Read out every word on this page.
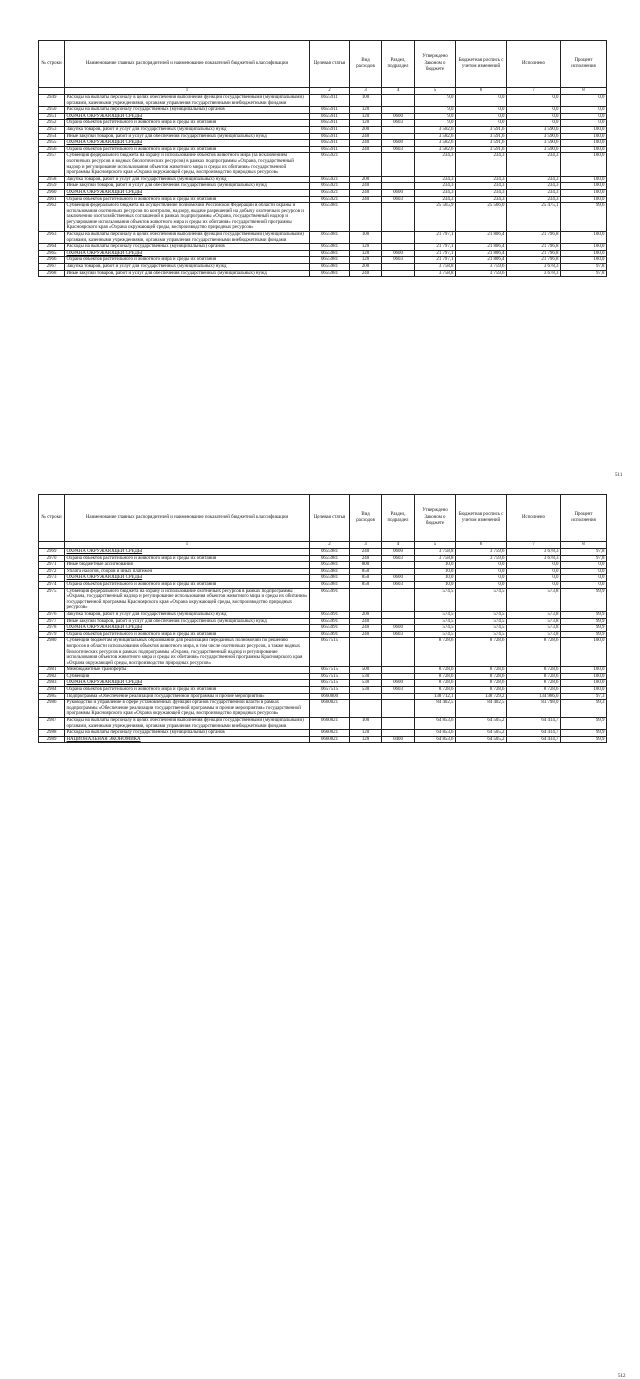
№ строки	Наименование главных распорядителей и наименование показателей бюджетной классификации	Целевая статья	Вид расходов	Раздел, подраздел	Утверждено Законом о бюджете	Бюджетная роспись с учетом изменений	Исполнено	Процент исполнения
	1	2	3	4	5	6	7	8
2949	Расходы на выплаты персоналу в целях обеспечения выполнения функций государственными (муниципальными) органами, казенными учреждениями, органами управления государственными внебюджетными фондами	0655911	100		9,0	0,0	0,0	0,0
2950	Расходы на выплаты персоналу государственных (муниципальных) органов	0655911	120		9,0	0,0	0,0	0,0
2951	ОХРАНА ОКРУЖАЮЩЕЙ СРЕДЫ	0655911	120	0600	9,0	0,0	0,0	0,0
2952	Охрана объектов растительного и животного мира и среды их обитания	0655911	120	0603	9,0	0,0	0,0	0,0
2953	Закупка товаров, работ и услуг для государственных (муниципальных) нужд	0655911	200		3 582,6	3 591,6	3 590,6	100,0
2954	Иные закупки товаров, работ и услуг для обеспечения государственных (муниципальных) нужд	0655911	240		3 582,6	3 591,6	3 590,6	100,0
2955	ОХРАНА ОКРУЖАЮЩЕЙ СРЕДЫ	0655911	240	0600	3 582,6	3 591,6	3 590,6	100,0
2956	Охрана объектов растительного и животного мира и среды их обитания	0655911	240	0603	3 582,6	3 591,6	3 590,6	100,0
2957	Субвенция федерального бюджета на охрану и использование объектов животного мира (за исключением охотничьих ресурсов и водных биологических ресурсов) в рамках подпрограммы «Охрана, государственный надзор и регулирование использования объектов животного мира и среды их обитания» государственной программы Красноярского края «Охрана окружающей среды, воспроизводство природных ресурсов»	0655921			234,3	234,3	234,3	100,0
2958	Закупка товаров, работ и услуг для государственных (муниципальных) нужд	0655921	200		234,3	234,3	234,3	100,0
2959	Иные закупки товаров, работ и услуг для обеспечения государственных (муниципальных) нужд	0655921	240		234,3	234,3	234,3	100,0
2960	ОХРАНА ОКРУЖАЮЩЕЙ СРЕДЫ	0655921	240	0600	234,3	234,3	234,3	100,0
2961	Охрана объектов растительного и животного мира и среды их обитания	0655921	240	0603	234,3	234,3	234,3	100,0
2962	Субвенция федерального бюджета на осуществление полномочий Российской Федерации в области охраны и использования охотничьих ресурсов по контролю, надзору, выдаче разрешений на добычу охотничьих ресурсов и заключению охотхозяйственных соглашений в рамках подпрограммы «Охрана, государственный надзор и регулирование использования объектов животного мира и среды их обитания» государственной программы Красноярского края «Охрана окружающей среды, воспроизводство природных ресурсов»	0655981			25 565,9	25 566,0	25 475,1	99,6
2963	Расходы на выплаты персоналу в целях обеспечения выполнения функций государственными (муниципальными) органами, казенными учреждениями, органами управления государственными внебюджетными фондами	0655981	100		21 797,1	21 806,4	21 796,8	100,0
2964	Расходы на выплаты персоналу государственных (муниципальных) органов	0655981	120		21 797,1	21 806,4	21 796,8	100,0
2965	ОХРАНА ОКРУЖАЮЩЕЙ СРЕДЫ	0655981	120	0600	21 797,1	21 806,4	21 796,8	100,0
2966	Охрана объектов растительного и животного мира и среды их обитания	0655981	120	0603	21 797,1	21 806,4	21 796,8	100,0
2967	Закупка товаров, работ и услуг для государственных (муниципальных) нужд	0655981	200		3 758,8	3 759,6	3 678,3	97,8
2968	Иные закупки товаров, работ и услуг для обеспечения государственных (муниципальных) нужд	0655981	240		3 758,8	3 759,6	3 678,3	97,8
511
№ строки	Наименование главных распорядителей и наименование показателей бюджетной классификации	Целевая статья	Вид расходов	Раздел, подраздел	Утверждено Законом о бюджете	Бюджетная роспись с учетом изменений	Исполнено	Процент исполнения
	1	2	3	4	5	6	7	8
2969	ОХРАНА ОКРУЖАЮЩЕЙ СРЕДЫ	0655981	240	0600	3 758,8	3 759,6	3 678,3	97,8
2970	Охрана объектов растительного и животного мира и среды их обитания	0655981	240	0603	3 758,8	3 759,6	3 678,3	97,8
2971	Иные бюджетные ассигнования	0655981	800		10,0	0,0	0,0	0,0
2972	Уплата налогов, сборов и иных платежей	0655981	850		10,0	0,0	0,0	0,0
2973	ОХРАНА ОКРУЖАЮЩЕЙ СРЕДЫ	0655981	850	0600	10,0	0,0	0,0	0,0
2974	Охрана объектов растительного и животного мира и среды их обитания	0655981	850	0603	10,0	0,0	0,0	0,0
2975	Субвенция федерального бюджета на охрану и использование охотничьих ресурсов в рамках подпрограммы «Охрана, государственный надзор и регулирование использования объектов животного мира и среды их обитания» государственной программы Красноярского края «Охрана окружающей среды, воспроизводство природных ресурсов»	0655991			574,5	574,5	573,8	99,9
2976	Закупка товаров, работ и услуг для государственных (муниципальных) нужд	0655991	200		574,5	574,5	573,8	99,9
2977	Иные закупки товаров, работ и услуг для обеспечения государственных (муниципальных) нужд	0655991	240		574,5	574,5	573,8	99,9
2978	ОХРАНА ОКРУЖАЮЩЕЙ СРЕДЫ	0655991	240	0600	574,5	574,5	573,8	99,9
2979	Охрана объектов растительного и животного мира и среды их обитания	0655991	240	0603	574,5	574,5	573,8	99,9
2980	Субвенции бюджетам муниципальных образований для реализации переданных полномочий по решению вопросов в области использования объектов животного мира, в том числе охотничьих ресурсов, а также водных биологических ресурсов в рамках подпрограммы «Охрана, государственный надзор и регулирование использования объектов животного мира и среды их обитания» государственной программы Красноярского края «Охрана окружающей среды, воспроизводство природных ресурсов»	0657515			8 728,6	8 728,6	8 728,6	100,0
2981	Межбюджетные трансферты	0657515	500		8 728,6	8 728,6	8 728,6	100,0
2982	Субвенции	0657515	530		8 728,6	8 728,6	8 728,6	100,0
2983	ОХРАНА ОКРУЖАЮЩЕЙ СРЕДЫ	0657515	530	0600	8 728,6	8 728,6	8 728,6	100,0
2984	Охрана объектов растительного и животного мира и среды их обитания	0657515	530	0603	8 728,6	8 728,6	8 728,6	100,0
2985	Подпрограмма «Обеспечение реализации государственной программы и прочие мероприятия»	0660000			138 712,1	138 729,2	134 986,0	97,3
2986	Руководство и управление в сфере установленных функций органов государственной власти в рамках подпрограммы «Обеспечение реализации государственной программы и прочие мероприятия» государственной программы Красноярского края «Охрана окружающей среды, воспроизводство природных ресурсов»	0660021			84 402,5	84 402,5	83 798,0	99,3
2987	Расходы на выплаты персоналу в целях обеспечения выполнения функций государственными (муниципальными) органами, казенными учреждениями, органами управления государственными внебюджетными фондами	0660021	100		64 853,6	64 505,2	64 414,7	99,9
2988	Расходы на выплаты персоналу государственных (муниципальных) органов	0660021	120		64 853,6	64 505,2	64 414,7	99,9
2989	НАЦИОНАЛЬНАЯ ЭКОНОМИКА	0660021	120	0400	64 853,6	64 505,2	64 414,7	99,9
512
